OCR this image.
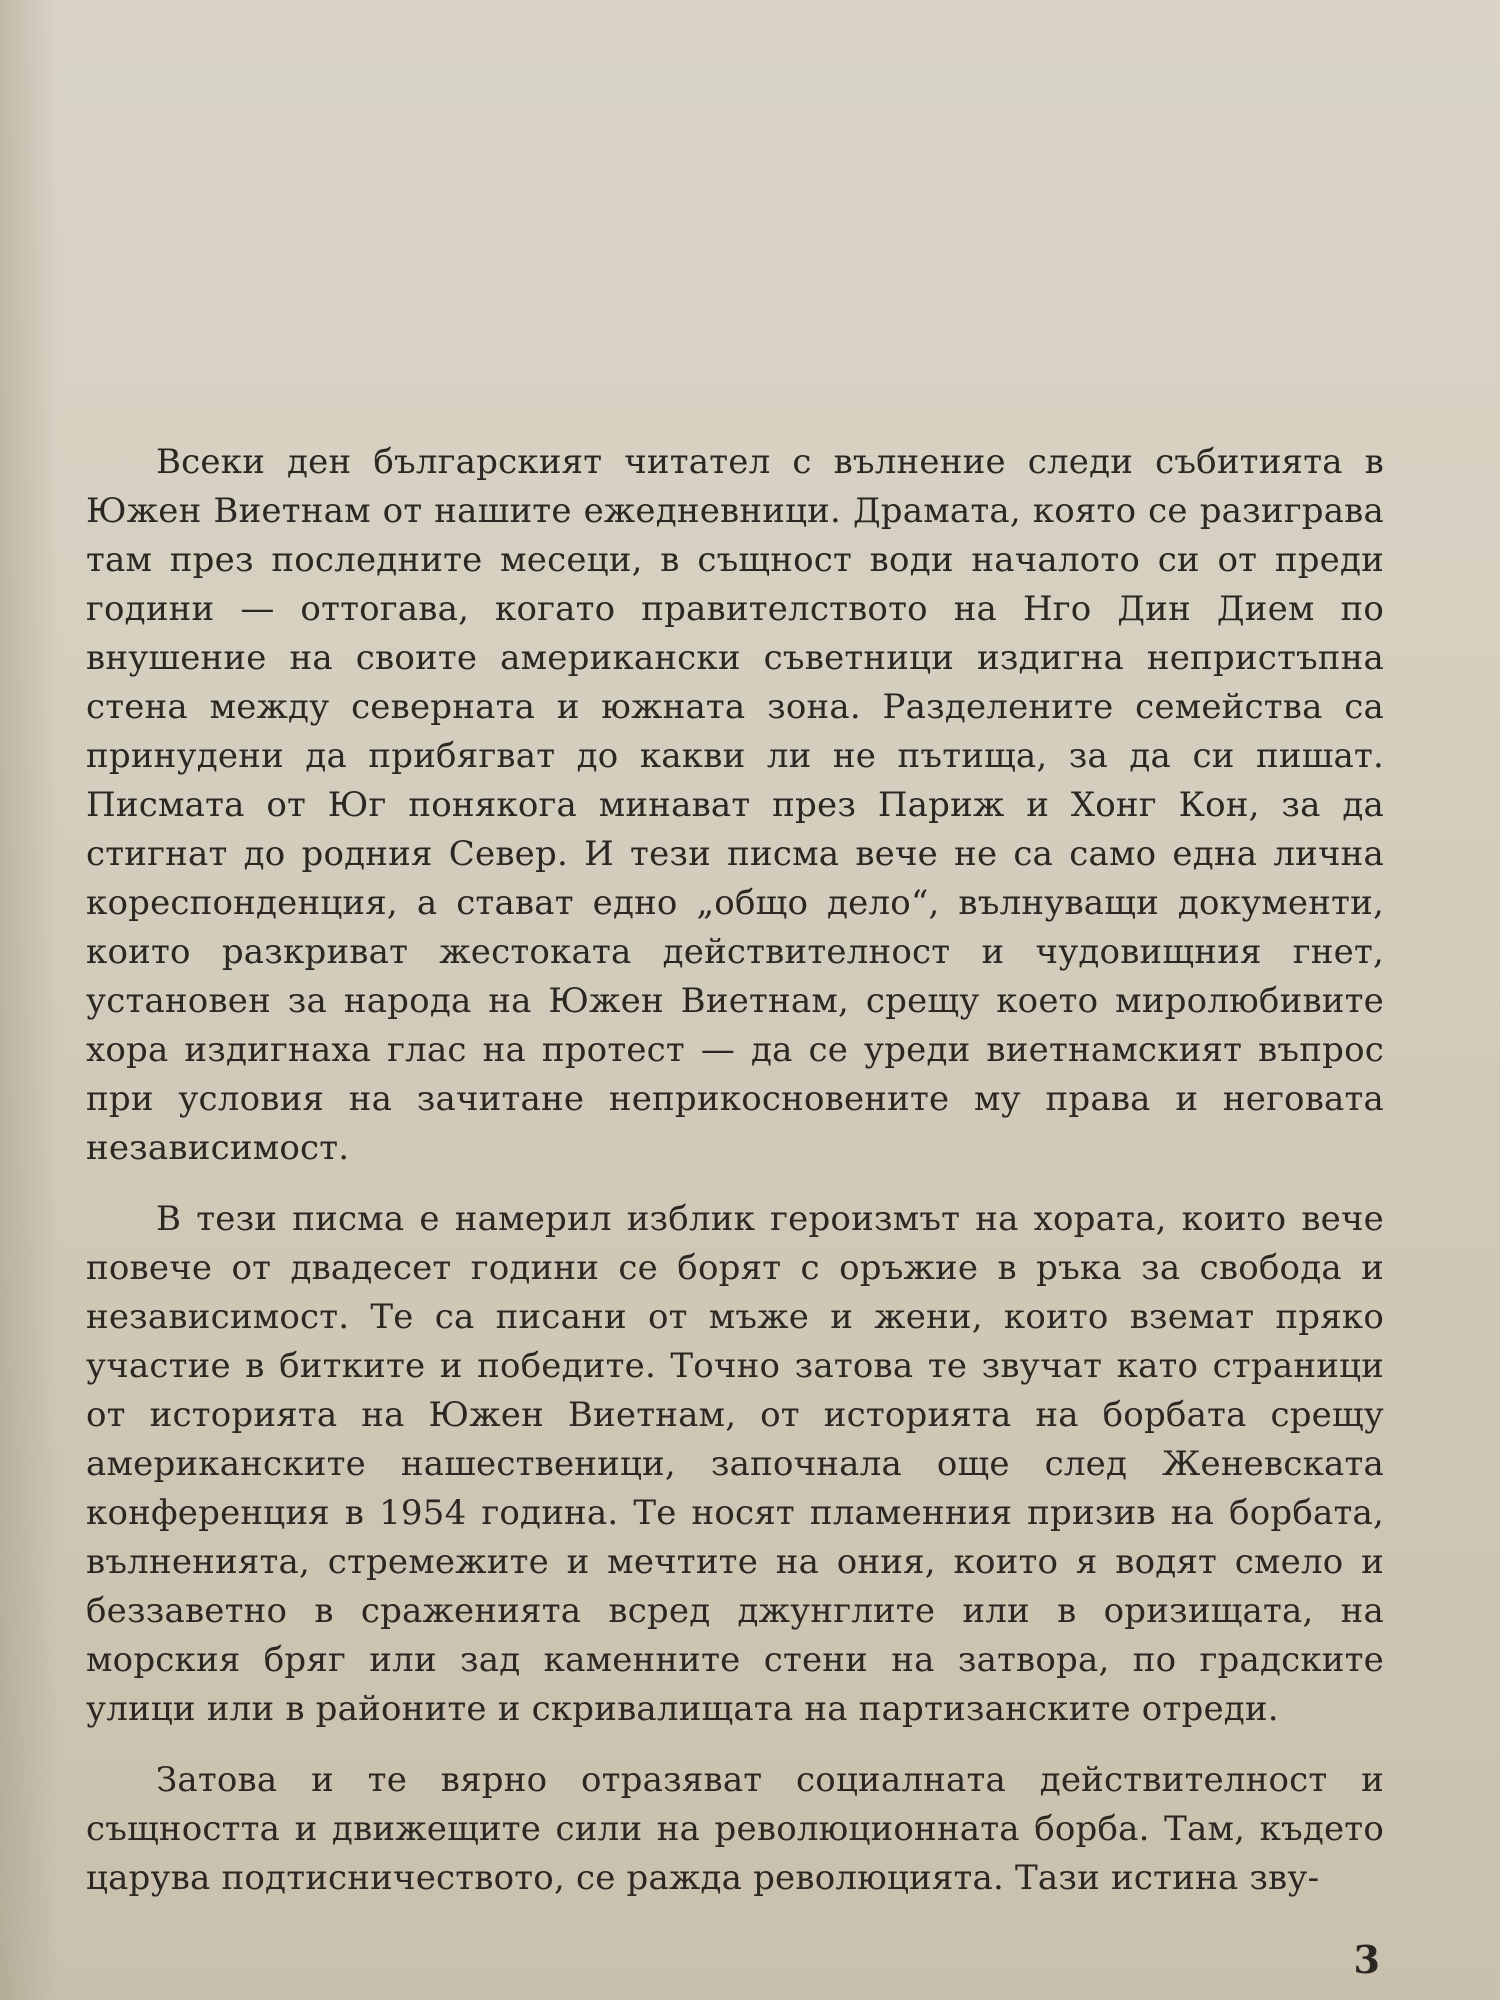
Всеки ден българският читател с вълнение следи събитията в Южен Виетнам от нашите ежедневници. Драмата, която се разиграва там през последните месеци, в същност води началото си от преди години — оттогава, когато правителството на Нго Дин Дием по внушение на своите американски съветници издигна непристъпна стена между северната и южната зона. Разделените семейства са принудени да прибягват до какви ли не пътища, за да си пишат. Писмата от Юг понякога минават през Париж и Хонг Кон, за да стигнат до родния Север. И тези писма вече не са само една лична кореспонденция, а стават едно „общо дело“, вълнуващи документи, които разкриват жестоката действителност и чудовищния гнет, установен за народа на Южен Виетнам, срещу което миролюбивите хора издигнаха глас на протест — да се уреди виетнамският въпрос при условия на зачитане неприкосновените му права и неговата независимост.

В тези писма е намерил изблик героизмът на хората, които вече повече от двадесет години се борят с оръжие в ръка за свобода и независимост. Те са писани от мъже и жени, които вземат пряко участие в битките и победите. Точно затова те звучат като страници от историята на Южен Виетнам, от историята на борбата срещу американските нашественици, започнала още след Женевската конференция в 1954 година. Те носят пламенния призив на борбата, вълненията, стремежите и мечтите на ония, които я водят смело и беззаветно в сраженията всред джунглите или в оризищата, на морския бряг или зад каменните стени на затвора, по градските улици или в районите и скривалищата на партизанските отреди.

Затова и те вярно отразяват социалната действителност и същността и движещите сили на революционната борба. Там, където царува подтисничеството, се ражда революцията. Тази истина зву-

3
